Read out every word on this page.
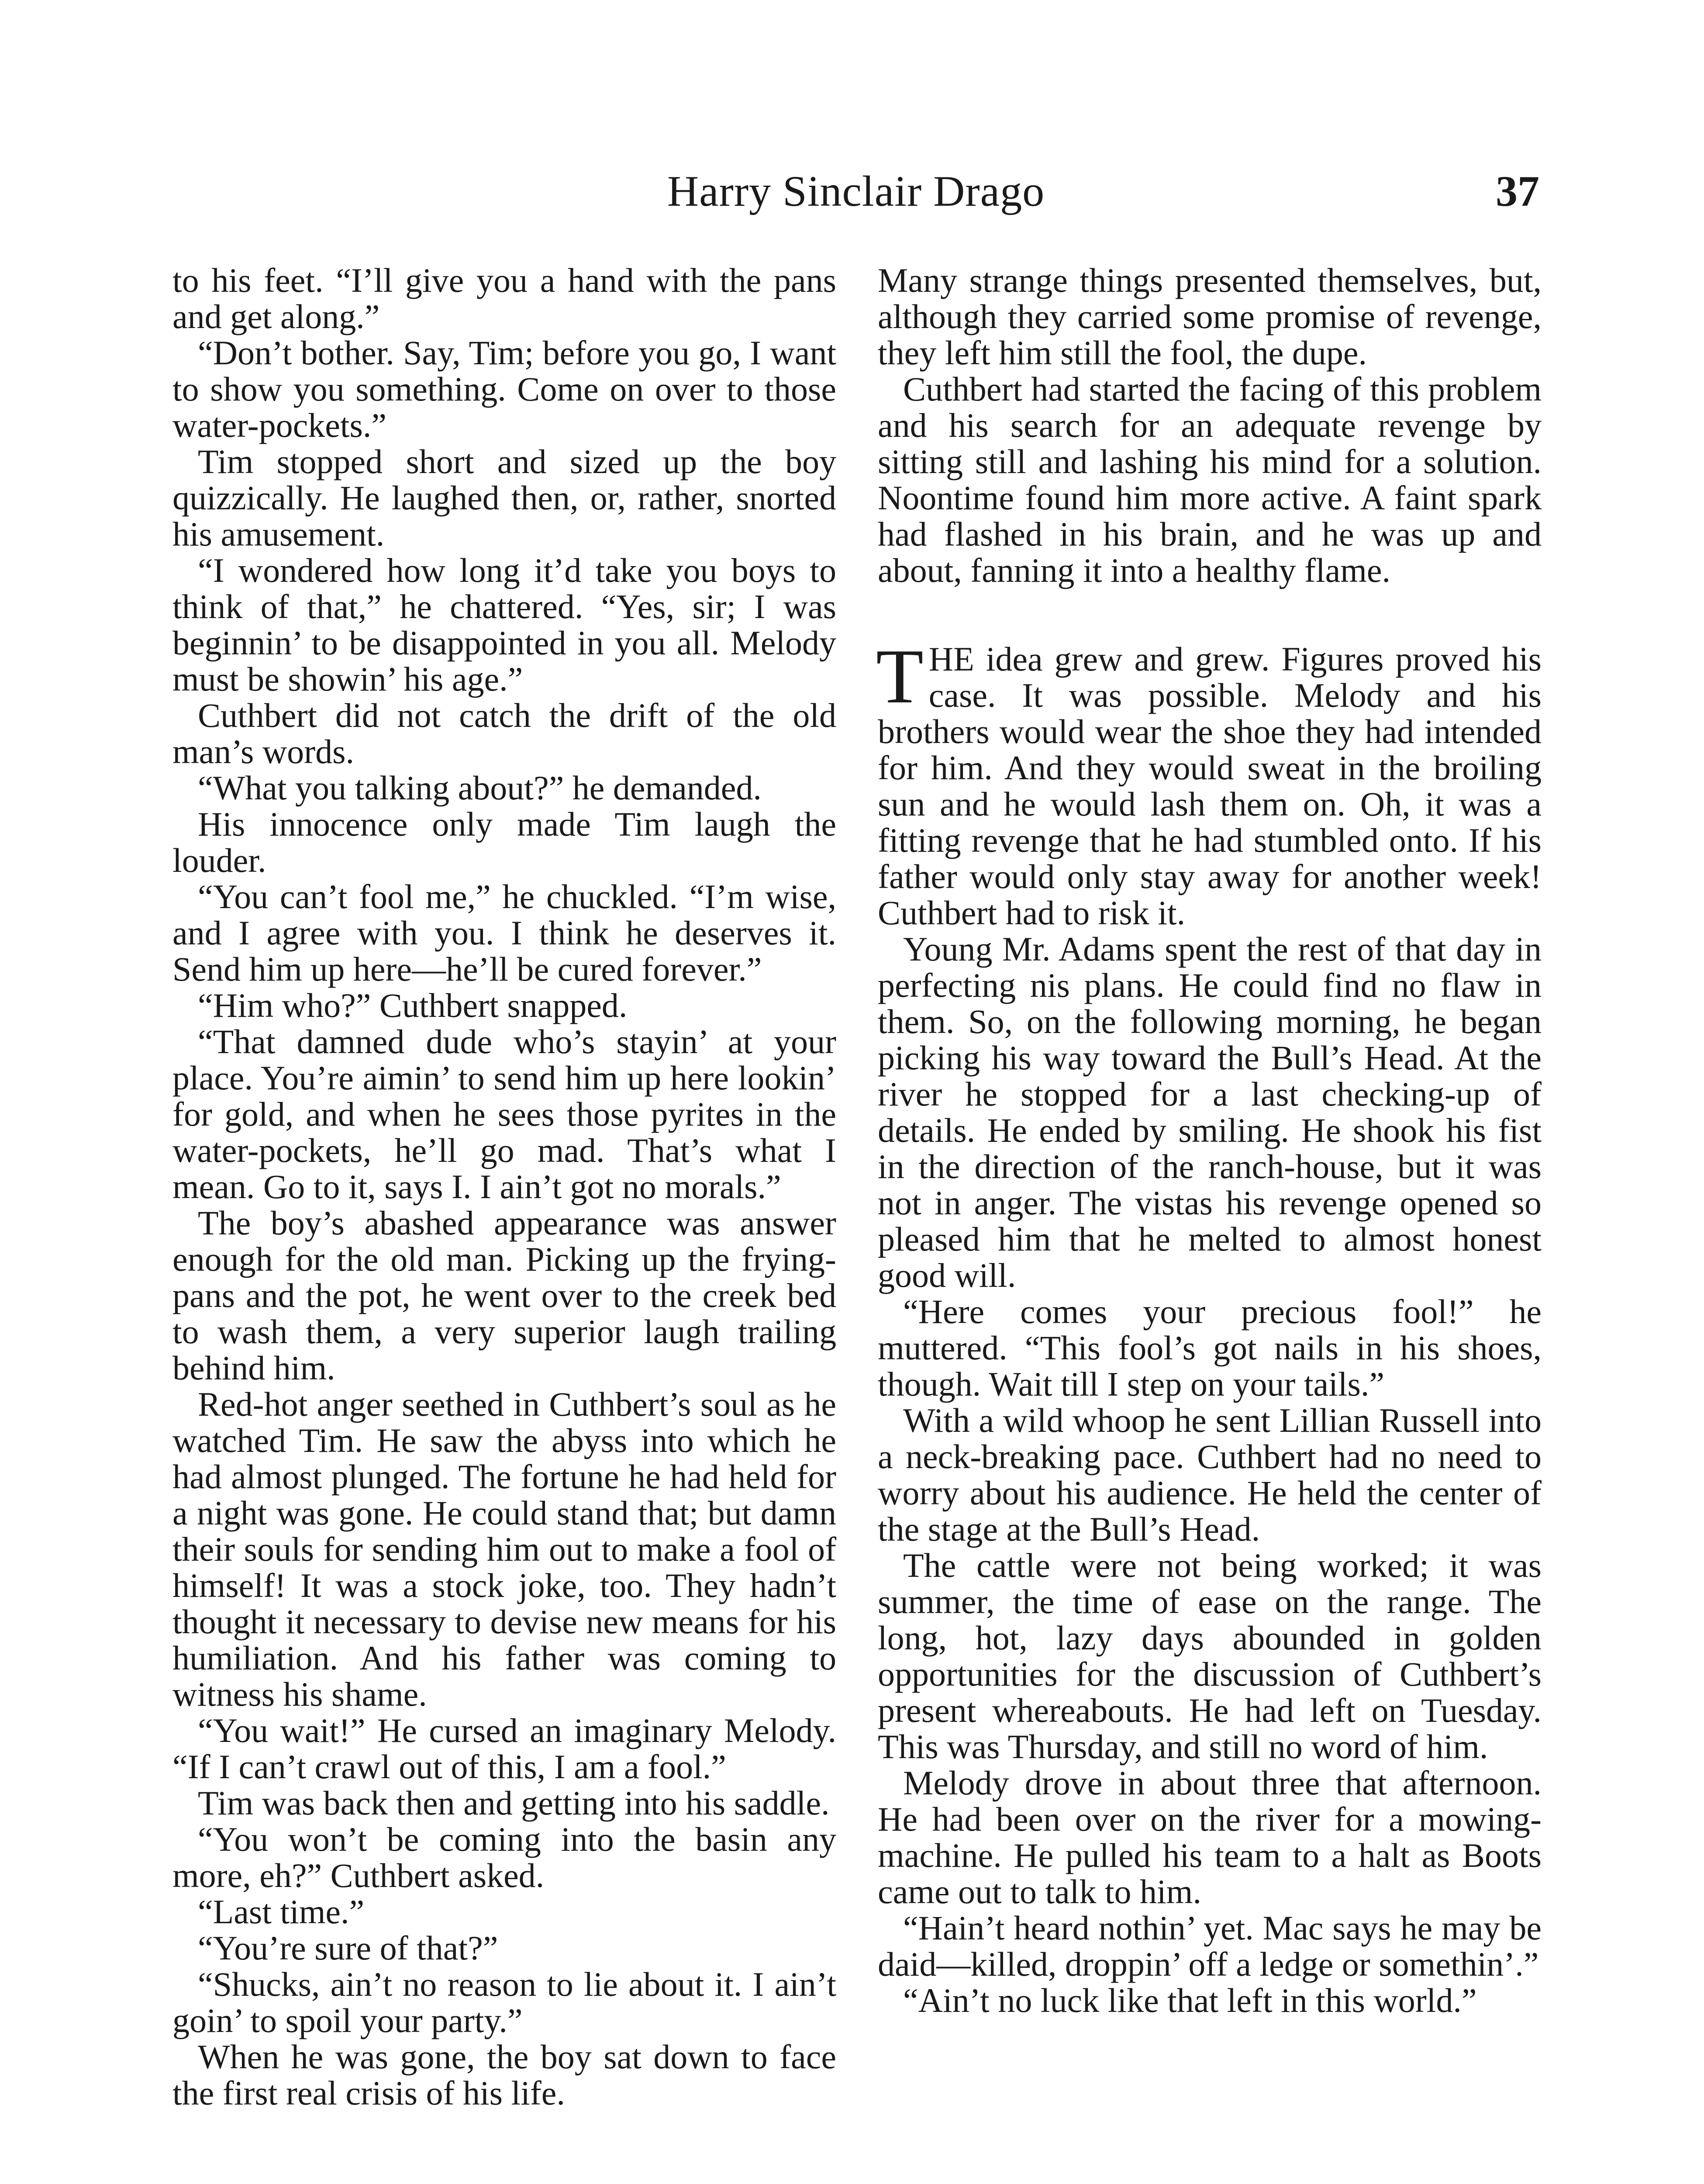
Harry Sinclair Drago	37

to his feet. “I’ll give you a hand with the pans and get along.”

“Don’t bother. Say, Tim; before you go, I want to show you something. Come on over to those water-pockets.”

Tim stopped short and sized up the boy quizzically. He laughed then, or, rather, snorted his amusement.

“I wondered how long it’d take you boys to think of that,” he chattered. “Yes, sir; I was beginnin’ to be disappointed in you all. Melody must be showin’ his age.”

Cuthbert did not catch the drift of the old man’s words.

“What you talking about?” he demanded.

His innocence only made Tim laugh the louder.

“You can’t fool me,” he chuckled. “I’m wise, and I agree with you. I think he deserves it. Send him up here—he’ll be cured forever.”

“Him who?” Cuthbert snapped.

“That damned dude who’s stayin’ at your place. You’re aimin’ to send him up here lookin’ for gold, and when he sees those pyrites in the water-pockets, he’ll go mad. That’s what I mean. Go to it, says I. I ain’t got no morals.”

The boy’s abashed appearance was answer enough for the old man. Picking up the frying-pans and the pot, he went over to the creek bed to wash them, a very superior laugh trailing behind him.

Red-hot anger seethed in Cuthbert’s soul as he watched Tim. He saw the abyss into which he had almost plunged. The fortune he had held for a night was gone. He could stand that; but damn their souls for sending him out to make a fool of himself! It was a stock joke, too. They hadn’t thought it necessary to devise new means for his humiliation. And his father was coming to witness his shame.

“You wait!” He cursed an imaginary Melody. “If I can’t crawl out of this, I am a fool.”

Tim was back then and getting into his saddle.

“You won’t be coming into the basin any more, eh?” Cuthbert asked.

“Last time.”

“You’re sure of that?”

“Shucks, ain’t no reason to lie about it. I ain’t goin’ to spoil your party.”

When he was gone, the boy sat down to face the first real crisis of his life.

Many strange things presented themselves, but, although they carried some promise of revenge, they left him still the fool, the dupe.

Cuthbert had started the facing of this problem and his search for an adequate revenge by sitting still and lashing his mind for a solution. Noontime found him more active. A faint spark had flashed in his brain, and he was up and about, fanning it into a healthy flame.

THE idea grew and grew. Figures proved his case. It was possible. Melody and his brothers would wear the shoe they had intended for him. And they would sweat in the broiling sun and he would lash them on. Oh, it was a fitting revenge that he had stumbled onto. If his father would only stay away for another week! Cuthbert had to risk it.

Young Mr. Adams spent the rest of that day in perfecting nis plans. He could find no flaw in them. So, on the following morning, he began picking his way toward the Bull’s Head. At the river he stopped for a last checking-up of details. He ended by smiling. He shook his fist in the direction of the ranch-house, but it was not in anger. The vistas his revenge opened so pleased him that he melted to almost honest good will.

“Here comes your precious fool!” he muttered. “This fool’s got nails in his shoes, though. Wait till I step on your tails.”

With a wild whoop he sent Lillian Russell into a neck-breaking pace. Cuthbert had no need to worry about his audience. He held the center of the stage at the Bull’s Head.

The cattle were not being worked; it was summer, the time of ease on the range. The long, hot, lazy days abounded in golden opportunities for the discussion of Cuthbert’s present whereabouts. He had left on Tuesday. This was Thursday, and still no word of him.

Melody drove in about three that afternoon. He had been over on the river for a mowing-machine. He pulled his team to a halt as Boots came out to talk to him.

“Hain’t heard nothin’ yet. Mac says he may be daid—killed, droppin’ off a ledge or somethin’.”

“Ain’t no luck like that left in this world.”
